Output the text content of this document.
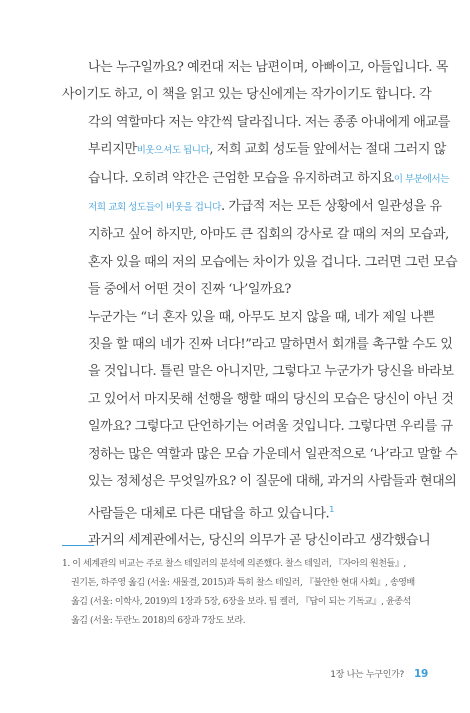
나는 누구일까요? 예컨대 저는 남편이며, 아빠이고, 아들입니다. 목
사이기도 하고, 이 책을 읽고 있는 당신에게는 작가이기도 합니다. 각
각의 역할마다 저는 약간씩 달라집니다. 저는 종종 아내에게 애교를
부리지만비웃으셔도 됩니다, 저희 교회 성도들 앞에서는 절대 그러지 않
습니다. 오히려 약간은 근엄한 모습을 유지하려고 하지요이 부분에서는
저희 교회 성도들이 비웃을 겁니다. 가급적 저는 모든 상황에서 일관성을 유
지하고 싶어 하지만, 아마도 큰 집회의 강사로 갈 때의 저의 모습과,
혼자 있을 때의 저의 모습에는 차이가 있을 겁니다. 그러면 그런 모습
들 중에서 어떤 것이 진짜 ‘나’일까요?

누군가는 “너 혼자 있을 때, 아무도 보지 않을 때, 네가 제일 나쁜
짓을 할 때의 네가 진짜 너다!”라고 말하면서 회개를 촉구할 수도 있
을 것입니다. 틀린 말은 아니지만, 그렇다고 누군가가 당신을 바라보
고 있어서 마지못해 선행을 행할 때의 당신의 모습은 당신이 아닌 것
일까요? 그렇다고 단언하기는 어려울 것입니다. 그렇다면 우리를 규
정하는 많은 역할과 많은 모습 가운데서 일관적으로 ‘나’라고 말할 수
있는 정체성은 무엇일까요? 이 질문에 대해, 과거의 사람들과 현대의
사람들은 대체로 다른 대답을 하고 있습니다.$^1$

과거의 세계관에서는, 당신의 의무가 곧 당신이라고 생각했습니

1. 이 세계관의 비교는 주로 찰스 테일러의 분석에 의존했다. 찰스 테일러, 『자아의 원천들』,
권기돈, 하주영 옮김 (서울: 새물결, 2015)과 특히 찰스 테일러, 『불안한 현대 사회』, 송영배
옮김 (서울: 이학사, 2019)의 1장과 5장, 6장을 보라. 팀 켈러, 『답이 되는 기독교』, 윤종석
옮김 (서울: 두란노 2018)의 6장과 7장도 보라.
1장 나는 누구인가? 19
